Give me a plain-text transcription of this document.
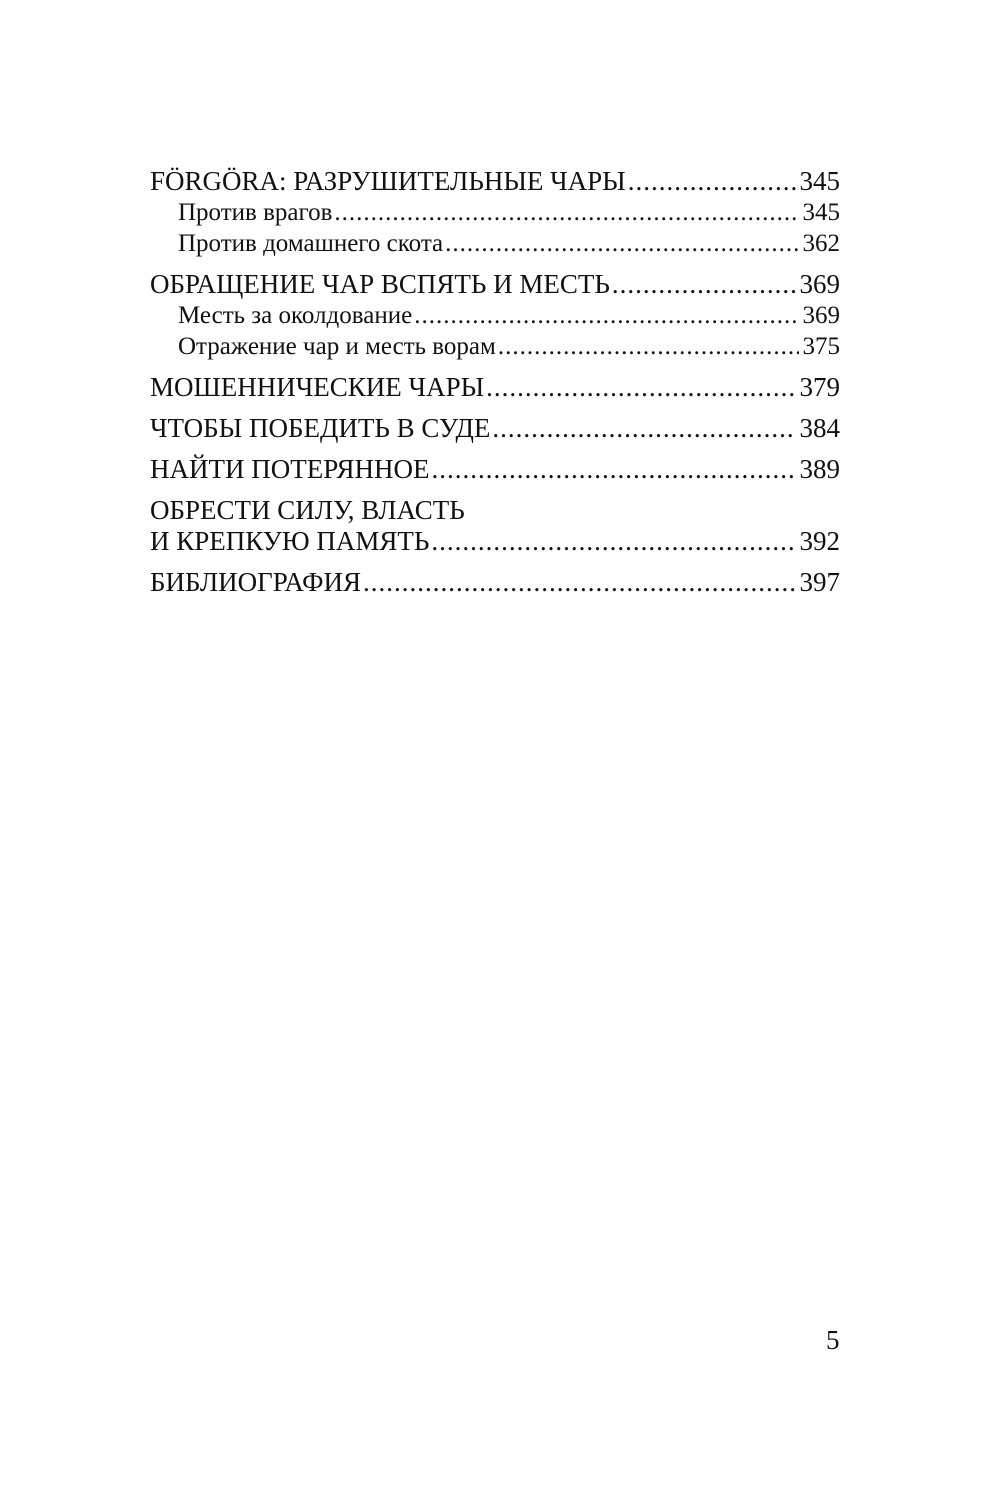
FÖRGÖRA: РАЗРУШИТЕЛЬНЫЕ ЧАРЫ .....	345
Против врагов .....	345
Против домашнего скота .....	362
ОБРАЩЕНИЕ ЧАР ВСПЯТЬ И МЕСТЬ .....	369
Месть за околдование .....	369
Отражение чар и месть ворам .....	375
МОШЕННИЧЕСКИЕ ЧАРЫ .....	379
ЧТОБЫ ПОБЕДИТЬ В СУДЕ .....	384
НАЙТИ ПОТЕРЯННОЕ .....	389
ОБРЕСТИ СИЛУ, ВЛАСТЬ
И КРЕПКУЮ ПАМЯТЬ .....	392
БИБЛИОГРАФИЯ .....	397
5
